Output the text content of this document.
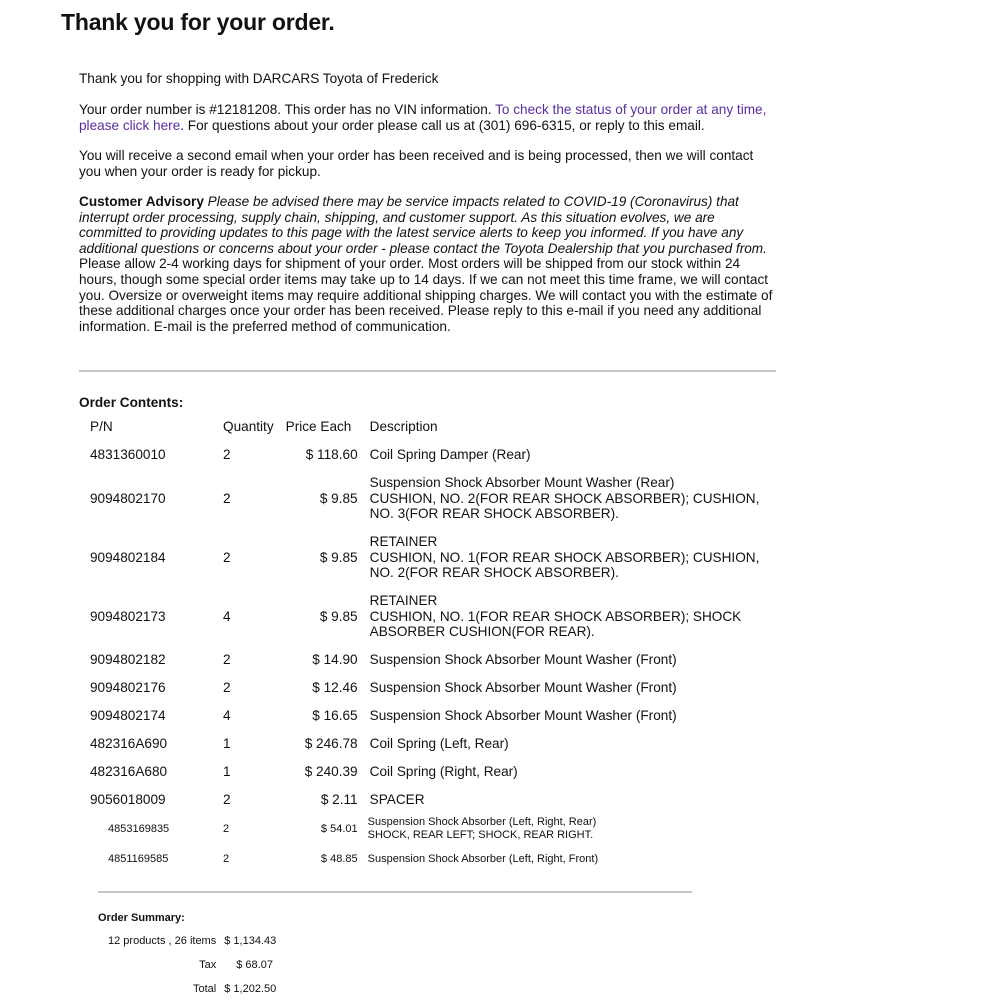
Thank you for your order.
Thank you for shopping with DARCARS Toyota of Frederick
Your order number is #12181208. This order has no VIN information. To check the status of your order at any time, please click here. For questions about your order please call us at (301) 696-6315, or reply to this email.
You will receive a second email when your order has been received and is being processed, then we will contact you when your order is ready for pickup.
Customer Advisory Please be advised there may be service impacts related to COVID-19 (Coronavirus) that interrupt order processing, supply chain, shipping, and customer support. As this situation evolves, we are committed to providing updates to this page with the latest service alerts to keep you informed. If you have any additional questions or concerns about your order - please contact the Toyota Dealership that you purchased from. Please allow 2-4 working days for shipment of your order. Most orders will be shipped from our stock within 24 hours, though some special order items may take up to 14 days. If we can not meet this time frame, we will contact you. Oversize or overweight items may require additional shipping charges. We will contact you with the estimate of these additional charges once your order has been received. Please reply to this e-mail if you need any additional information. E-mail is the preferred method of communication.
Order Contents:
P/N	Quantity	Price Each	Description
4831360010	2	$ 118.60	Coil Spring Damper (Rear)
9094802170	2	$ 9.85	Suspension Shock Absorber Mount Washer (Rear)
CUSHION, NO. 2(FOR REAR SHOCK ABSORBER); CUSHION, NO. 3(FOR REAR SHOCK ABSORBER).

9094802184	2	$ 9.85	RETAINER
CUSHION, NO. 1(FOR REAR SHOCK ABSORBER); CUSHION, NO. 2(FOR REAR SHOCK ABSORBER).

9094802173	4	$ 9.85	RETAINER
CUSHION, NO. 1(FOR REAR SHOCK ABSORBER); SHOCK ABSORBER CUSHION(FOR REAR).

9094802182	2	$ 14.90	Suspension Shock Absorber Mount Washer (Front)
9094802176	2	$ 12.46	Suspension Shock Absorber Mount Washer (Front)
9094802174	4	$ 16.65	Suspension Shock Absorber Mount Washer (Front)
482316A690	1	$ 246.78	Coil Spring (Left, Rear)
482316A680	1	$ 240.39	Coil Spring (Right, Rear)
9056018009	2	$ 2.11	SPACER
4853169835	2	$ 54.01	Suspension Shock Absorber (Left, Right, Rear)
SHOCK, REAR LEFT; SHOCK, REAR RIGHT.

4851169585	2	$ 48.85	Suspension Shock Absorber (Left, Right, Front)
Order Summary:
12 products , 26 items	$ 1,134.43
Tax	$ 68.07
Total	$ 1,202.50
